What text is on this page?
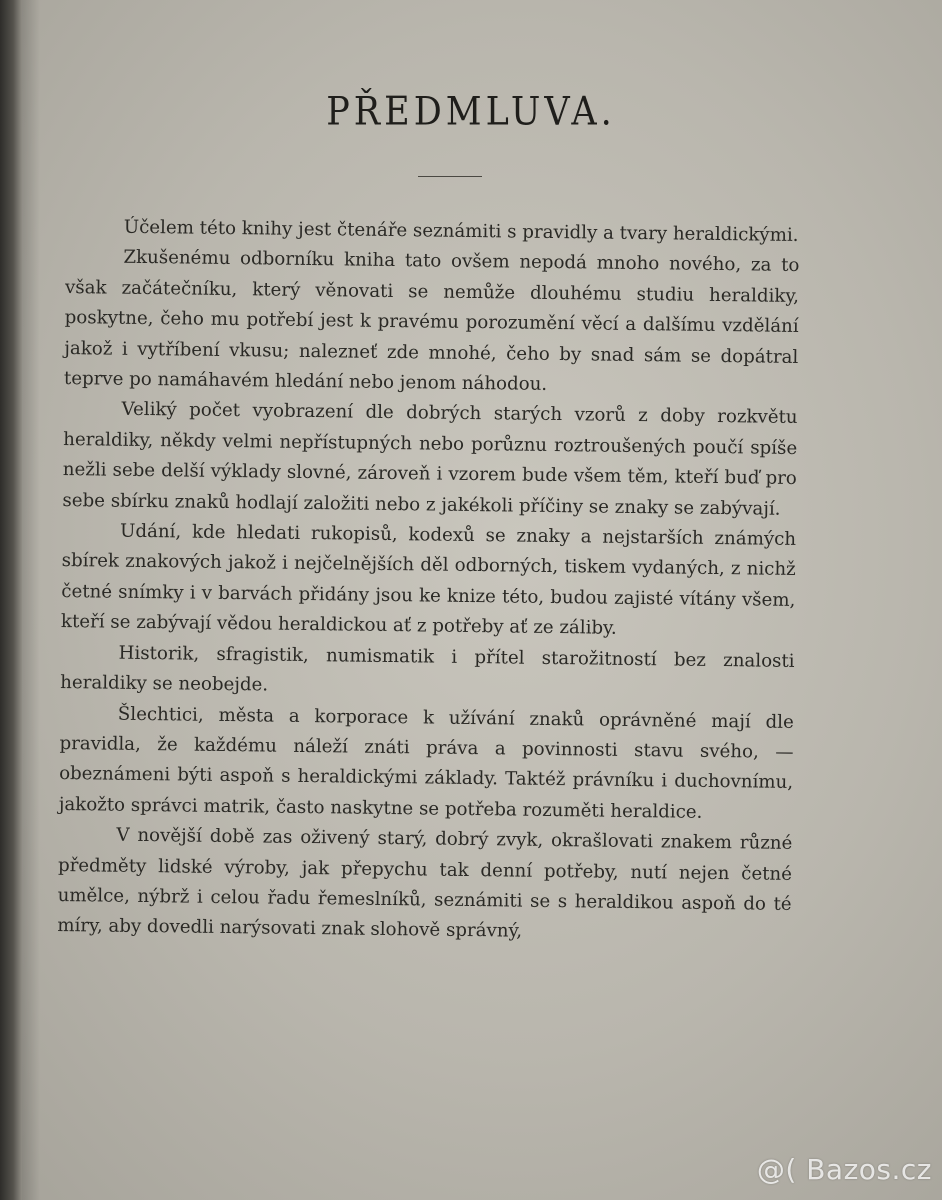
PŘEDMLUVA.

Účelem této knihy jest čtenáře seznámiti s pravidly a tvary heraldickými.

Zkušenému odborníku kniha tato ovšem nepodá mnoho nového, za to však začátečníku, který věnovati se nemůže dlouhému studiu heraldiky, poskytne, čeho mu potřebí jest k pravému porozumění věcí a dalšímu vzdělání jakož i vytříbení vkusu; nalezneť zde mnohé, čeho by snad sám se dopátral teprve po namáhavém hledání nebo jenom náhodou.

Veliký počet vyobrazení dle dobrých starých vzorů z doby rozkvětu heraldiky, někdy velmi nepřístupných nebo porůznu roztroušených poučí spíše nežli sebe delší výklady slovné, zároveň i vzorem bude všem těm, kteří buď pro sebe sbírku znaků hodlají založiti nebo z jakékoli příčiny se znaky se zabývají.

Udání, kde hledati rukopisů, kodexů se znaky a nejstarších známých sbírek znakových jakož i nejčelnějších děl odborných, tiskem vydaných, z nichž četné snímky i v barvách přidány jsou ke knize této, budou zajisté vítány všem, kteří se zabývají vědou heraldickou ať z potřeby ať ze záliby.

Historik, sfragistik, numismatik i přítel starožitností bez znalosti heraldiky se neobejde.

Šlechtici, města a korporace k užívání znaků oprávněné mají dle pravidla, že každému náleží znáti práva a povinnosti stavu svého, — obeznámeni býti aspoň s heraldickými základy. Taktéž právníku i duchovnímu, jakožto správci matrik, často naskytne se potřeba rozuměti heraldice.

V novější době zas oživený starý, dobrý zvyk, okrašlovati znakem různé předměty lidské výroby, jak přepychu tak denní potřeby, nutí nejen četné umělce, nýbrž i celou řadu řemeslníků, seznámiti se s heraldikou aspoň do té míry, aby dovedli narýsovati znak slohově správný,

@( Bazos.cz
